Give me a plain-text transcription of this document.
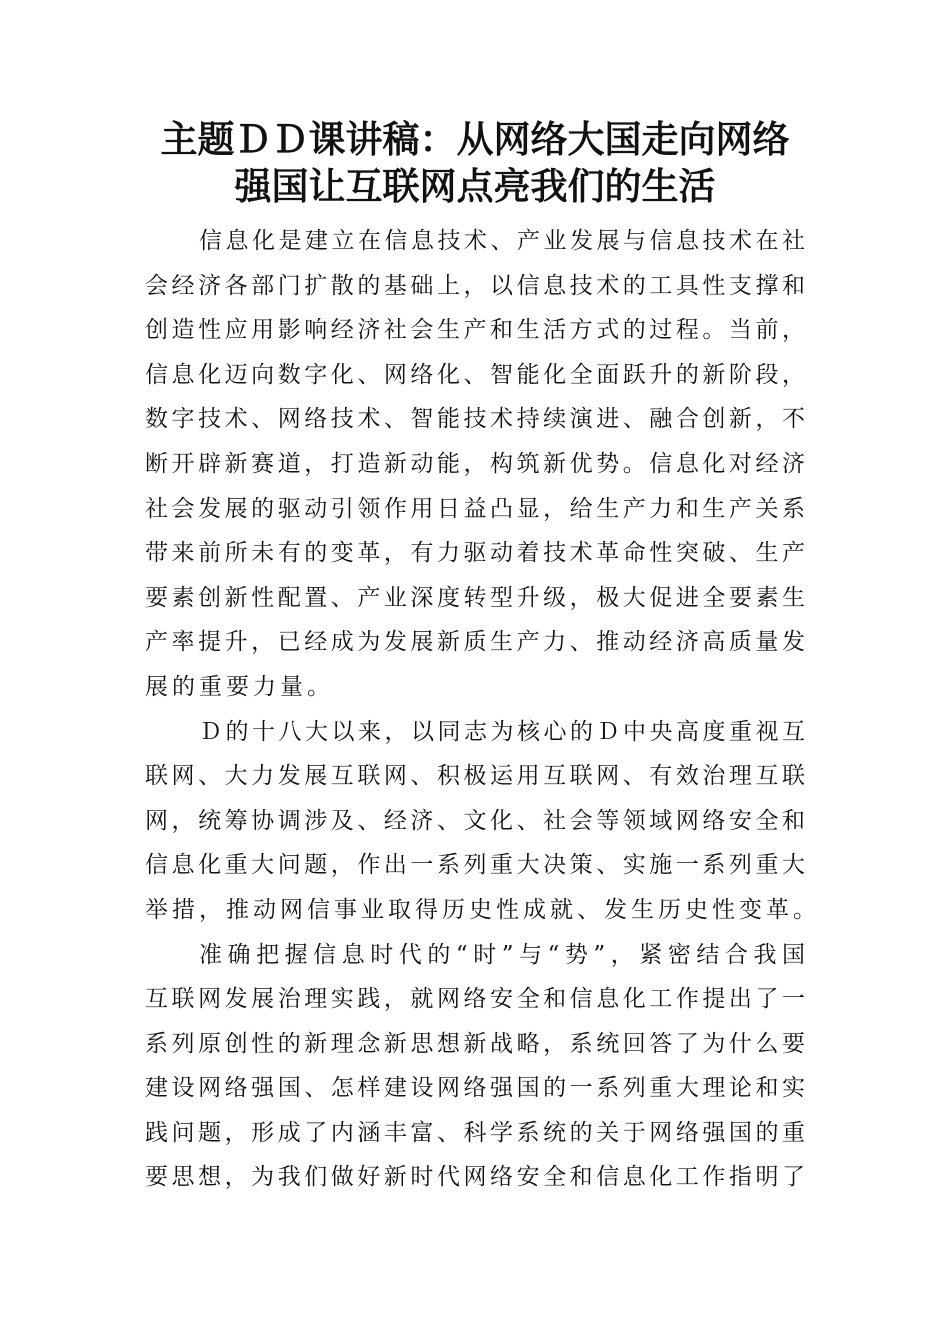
主题ＤＤ课讲稿：从网络大国走向网络
强国让互联网点亮我们的生活
信息化是建立在信息技术、产业发展与信息技术在社
会经济各部门扩散的基础上，以信息技术的工具性支撑和
创造性应用影响经济社会生产和生活方式的过程。当前，
信息化迈向数字化、网络化、智能化全面跃升的新阶段，
数字技术、网络技术、智能技术持续演进、融合创新，不
断开辟新赛道，打造新动能，构筑新优势。信息化对经济
社会发展的驱动引领作用日益凸显，给生产力和生产关系
带来前所未有的变革，有力驱动着技术革命性突破、生产
要素创新性配置、产业深度转型升级，极大促进全要素生
产率提升，已经成为发展新质生产力、推动经济高质量发
展的重要力量。
Ｄ的十八大以来，以同志为核心的Ｄ中央高度重视互
联网、大力发展互联网、积极运用互联网、有效治理互联
网，统筹协调涉及、经济、文化、社会等领域网络安全和
信息化重大问题，作出一系列重大决策、实施一系列重大
举措，推动网信事业取得历史性成就、发生历史性变革。
准确把握信息时代的“时”与“势”，紧密结合我国
互联网发展治理实践，就网络安全和信息化工作提出了一
系列原创性的新理念新思想新战略，系统回答了为什么要
建设网络强国、怎样建设网络强国的一系列重大理论和实
践问题，形成了内涵丰富、科学系统的关于网络强国的重
要思想，为我们做好新时代网络安全和信息化工作指明了
